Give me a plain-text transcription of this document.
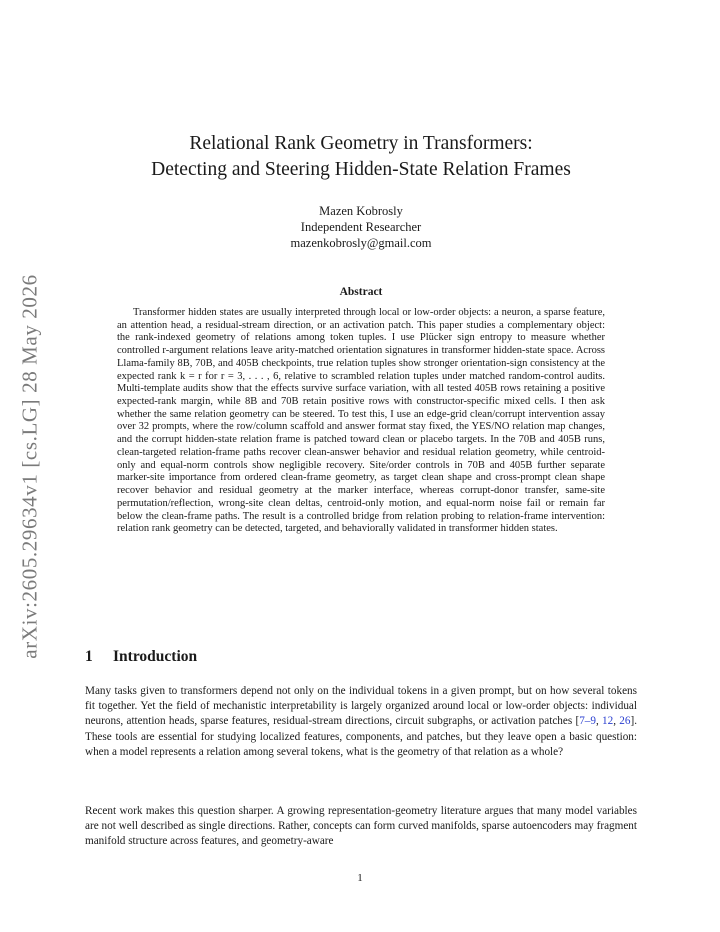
arXiv:2605.29634v1 [cs.LG] 28 May 2026
Relational Rank Geometry in Transformers:
Detecting and Steering Hidden-State Relation Frames
Mazen Kobrosly
Independent Researcher
mazenkobrosly@gmail.com
Abstract

Transformer hidden states are usually interpreted through local or low-order objects: a neuron, a sparse feature, an attention head, a residual-stream direction, or an activation patch. This paper studies a complementary object: the rank-indexed geometry of relations among token tuples. I use Plücker sign entropy to measure whether controlled r-argument relations leave arity-matched orientation signatures in transformer hidden-state space. Across Llama-family 8B, 70B, and 405B checkpoints, true relation tuples show stronger orientation-sign consistency at the expected rank k = r for r = 3, . . . , 6, relative to scrambled relation tuples under matched random-control audits. Multi-template audits show that the effects survive surface variation, with all tested 405B rows retaining a positive expected-rank margin, while 8B and 70B retain positive rows with constructor-specific mixed cells. I then ask whether the same relation geometry can be steered. To test this, I use an edge-grid clean/corrupt intervention assay over 32 prompts, where the row/column scaffold and answer format stay fixed, the YES/NO relation map changes, and the corrupt hidden-state relation frame is patched toward clean or placebo targets. In the 70B and 405B runs, clean-targeted relation-frame paths recover clean-answer behavior and residual relation geometry, while centroid-only and equal-norm controls show negligible recovery. Site/order controls in 70B and 405B further separate marker-site importance from ordered clean-frame geometry, as target clean shape and cross-prompt clean shape recover behavior and residual geometry at the marker interface, whereas corrupt-donor transfer, same-site permutation/reflection, wrong-site clean deltas, centroid-only motion, and equal-norm noise fail or remain far below the clean-frame paths. The result is a controlled bridge from relation probing to relation-frame intervention: relation rank geometry can be detected, targeted, and behaviorally validated in transformer hidden states.

1 Introduction

Many tasks given to transformers depend not only on the individual tokens in a given prompt, but on how several tokens fit together. Yet the field of mechanistic interpretability is largely organized around local or low-order objects: individual neurons, attention heads, sparse features, residual-stream directions, circuit subgraphs, or activation patches [7–9, 12, 26]. These tools are essential for studying localized features, components, and patches, but they leave open a basic question: when a model represents a relation among several tokens, what is the geometry of that relation as a whole?

Recent work makes this question sharper. A growing representation-geometry literature argues that many model variables are not well described as single directions. Rather, concepts can form curved manifolds, sparse autoencoders may fragment manifold structure across features, and geometry-aware

1
